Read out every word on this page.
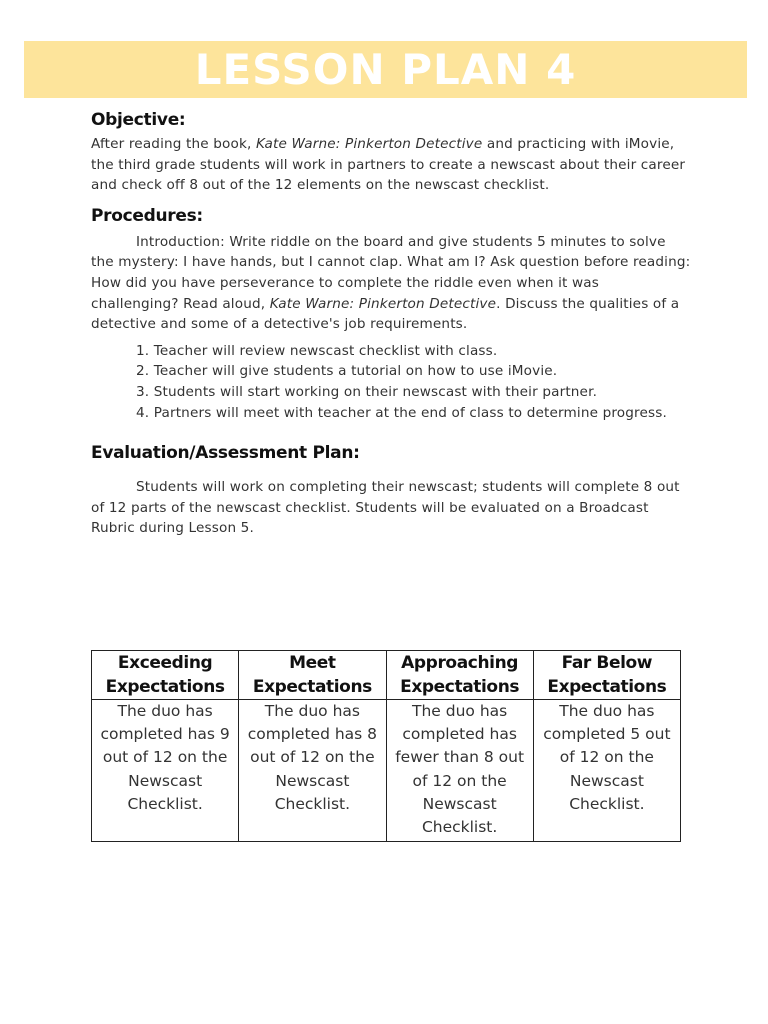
LESSON PLAN 4
Objective:

After reading the book, Kate Warne: Pinkerton Detective and practicing with iMovie, the third grade students will work in partners to create a newscast about their career and check off 8 out of the 12 elements on the newscast checklist.

Procedures:

Introduction: Write riddle on the board and give students 5 minutes to solve the mystery: I have hands, but I cannot clap. What am I? Ask question before reading: How did you have perseverance to complete the riddle even when it was challenging? Read aloud, Kate Warne: Pinkerton Detective. Discuss the qualities of a detective and some of a detective's job requirements.

1. Teacher will review newscast checklist with class.

2. Teacher will give students a tutorial on how to use iMovie.

3. Students will start working on their newscast with their partner.

4. Partners will meet with teacher at the end of class to determine progress.

Evaluation/Assessment Plan:

Students will work on completing their newscast; students will complete 8 out of 12 parts of the newscast checklist. Students will be evaluated on a Broadcast Rubric during Lesson 5.

Exceeding Expectations	Meet Expectations	Approaching Expectations	Far Below Expectations
The duo has completed has 9 out of 12 on the Newscast Checklist.	The duo has completed has 8 out of 12 on the Newscast Checklist.	The duo has completed has fewer than 8 out of 12 on the Newscast Checklist.	The duo has completed 5 out of 12 on the Newscast Checklist.
